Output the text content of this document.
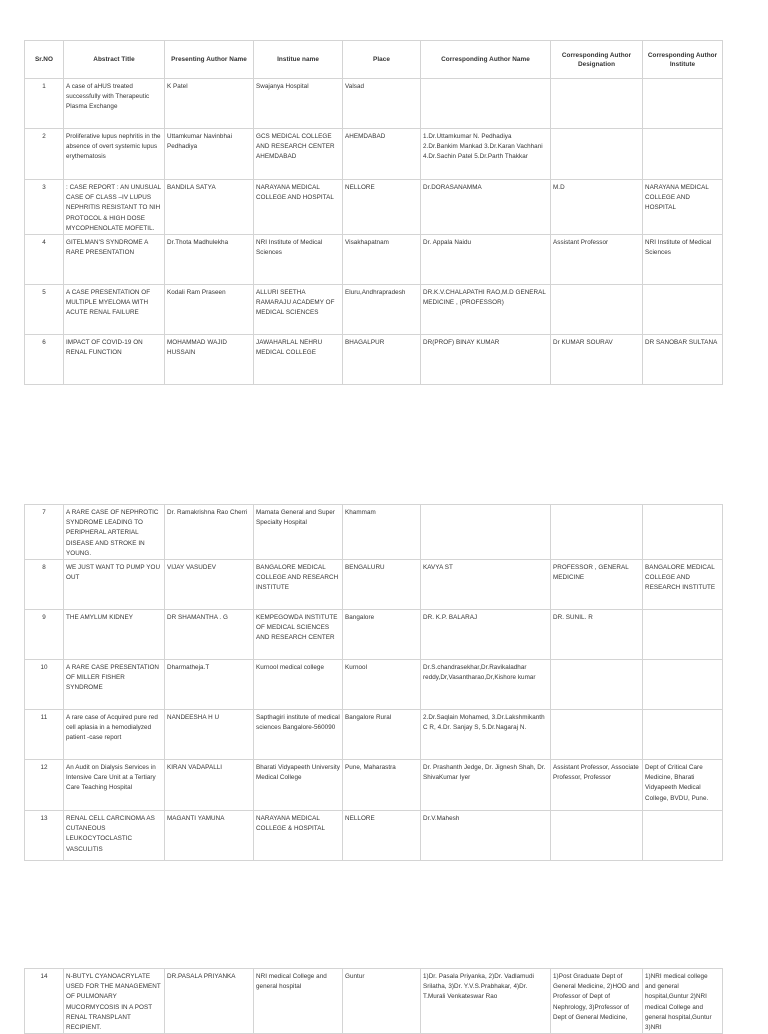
Sr.NO	Abstract Title	Presenting Author Name	Institue name	Place	Corresponding Author Name	Corresponding Author Designation	Corresponding Author Institute
1	A case of aHUS treated successfully with Therapeutic Plasma Exchange	K Patel	Swajanya Hospital	Valsad			
2	Proliferative lupus nephritis in the absence of overt systemic lupus erythematosis	Uttamkumar Navinbhai Pedhadiya	GCS MEDICAL COLLEGE AND RESEARCH CENTER AHEMDABAD	AHEMDABAD	1.Dr.Uttamkumar N. Pedhadiya 2.Dr.Bankim Mankad 3.Dr.Karan Vachhani 4.Dr.Sachin Patel 5.Dr.Parth Thakkar		
3	: CASE REPORT : AN UNUSUAL CASE OF CLASS –IV LUPUS NEPHRITIS RESISTANT TO NIH PROTOCOL & HIGH DOSE MYCOPHENOLATE MOFETIL.	BANDILA SATYA	NARAYANA MEDICAL COLLEGE AND HOSPITAL	NELLORE	Dr.DORASANAMMA	M.D	NARAYANA MEDICAL COLLEGE AND HOSPITAL
4	GITELMAN'S SYNDROME A RARE PRESENTATION	Dr.Thota Madhulekha	NRI Institute of Medical Sciences	Visakhapatnam	Dr. Appala Naidu	Assistant Professor	NRI Institute of Medical Sciences
5	A CASE PRESENTATION OF MULTIPLE MYELOMA WITH ACUTE RENAL FAILURE	Kodali Ram Praseen	ALLURI SEETHA RAMARAJU ACADEMY OF MEDICAL SCIENCES	Eluru,Andhrapradesh	DR.K.V.CHALAPATHI RAO,M.D GENERAL MEDICINE , (PROFESSOR)		
6	IMPACT OF COVID-19 ON RENAL FUNCTION	MOHAMMAD WAJID HUSSAIN	JAWAHARLAL NEHRU MEDICAL COLLEGE	BHAGALPUR	DR(PROF) BINAY KUMAR	Dr KUMAR SOURAV	DR SANOBAR SULTANA
7	A RARE CASE OF NEPHROTIC SYNDROME LEADING TO PERIPHERAL ARTERIAL DISEASE AND STROKE IN YOUNG.	Dr. Ramakrishna Rao Cherri	Mamata General and Super Specialty Hospital	Khammam			
8	WE JUST WANT TO PUMP YOU OUT	VIJAY VASUDEV	BANGALORE MEDICAL COLLEGE AND RESEARCH INSTITUTE	BENGALURU	KAVYA ST	PROFESSOR , GENERAL MEDICINE	BANGALORE MEDICAL COLLEGE AND RESEARCH INSTITUTE
9	THE AMYLUM KIDNEY	DR SHAMANTHA . G	KEMPEGOWDA INSTITUTE OF MEDICAL SCIENCES AND RESEARCH CENTER	Bangalore	DR. K.P. BALARAJ	DR. SUNIL. R	
10	A RARE CASE PRESENTATION OF MILLER FISHER SYNDROME	Dharmatheja.T	Kurnool medical college	Kurnool	Dr.S.chandrasekhar,Dr.Ravikaladhar reddy,Dr,Vasantharao,Dr,Kishore kumar		
11	A rare case of Acquired pure red cell aplasia in a hemodialyzed patient -case report	NANDEESHA H U	Sapthagiri institute of medical sciences Bangalore-560090	Bangalore Rural	2.Dr.Saqlain Mohamed, 3.Dr.Lakshmikanth C R, 4.Dr. Sanjay S, 5.Dr.Nagaraj N.		
12	An Audit on Dialysis Services in Intensive Care Unit at a Tertiary Care Teaching Hospital	KIRAN VADAPALLI	Bharati Vidyapeeth University Medical College	Pune, Maharastra	Dr. Prashanth Jedge, Dr. Jignesh Shah, Dr. ShivaKumar Iyer	Assistant Professor, Associate Professor, Professor	Dept of Critical Care Medicine, Bharati Vidyapeeth Medical College, BVDU, Pune.
13	RENAL CELL CARCINOMA AS CUTANEOUS LEUKOCYTOCLASTIC VASCULITIS	MAGANTI YAMUNA	NARAYANA MEDICAL COLLEGE & HOSPITAL	NELLORE	Dr.V.Mahesh		
14	N-BUTYL CYANOACRYLATE USED FOR THE MANAGEMENT OF PULMONARY MUCORMYCOSIS IN A POST RENAL TRANSPLANT RECIPIENT.	DR.PASALA PRIYANKA	NRI medical College and general hospital	Guntur	1)Dr. Pasala Priyanka, 2)Dr. Vadlamudi Srilatha, 3)Dr. Y.V.S.Prabhakar, 4)Dr. T.Murali Venkateswar Rao	1)Post Graduate Dept of General Medicine, 2)HOD and Professor of Dept of Nephrology, 3)Professor of Dept of General Medicine,	1)NRI medical college and general hospital,Guntur 2)NRI medical College and general hospital,Guntur 3)NRI
